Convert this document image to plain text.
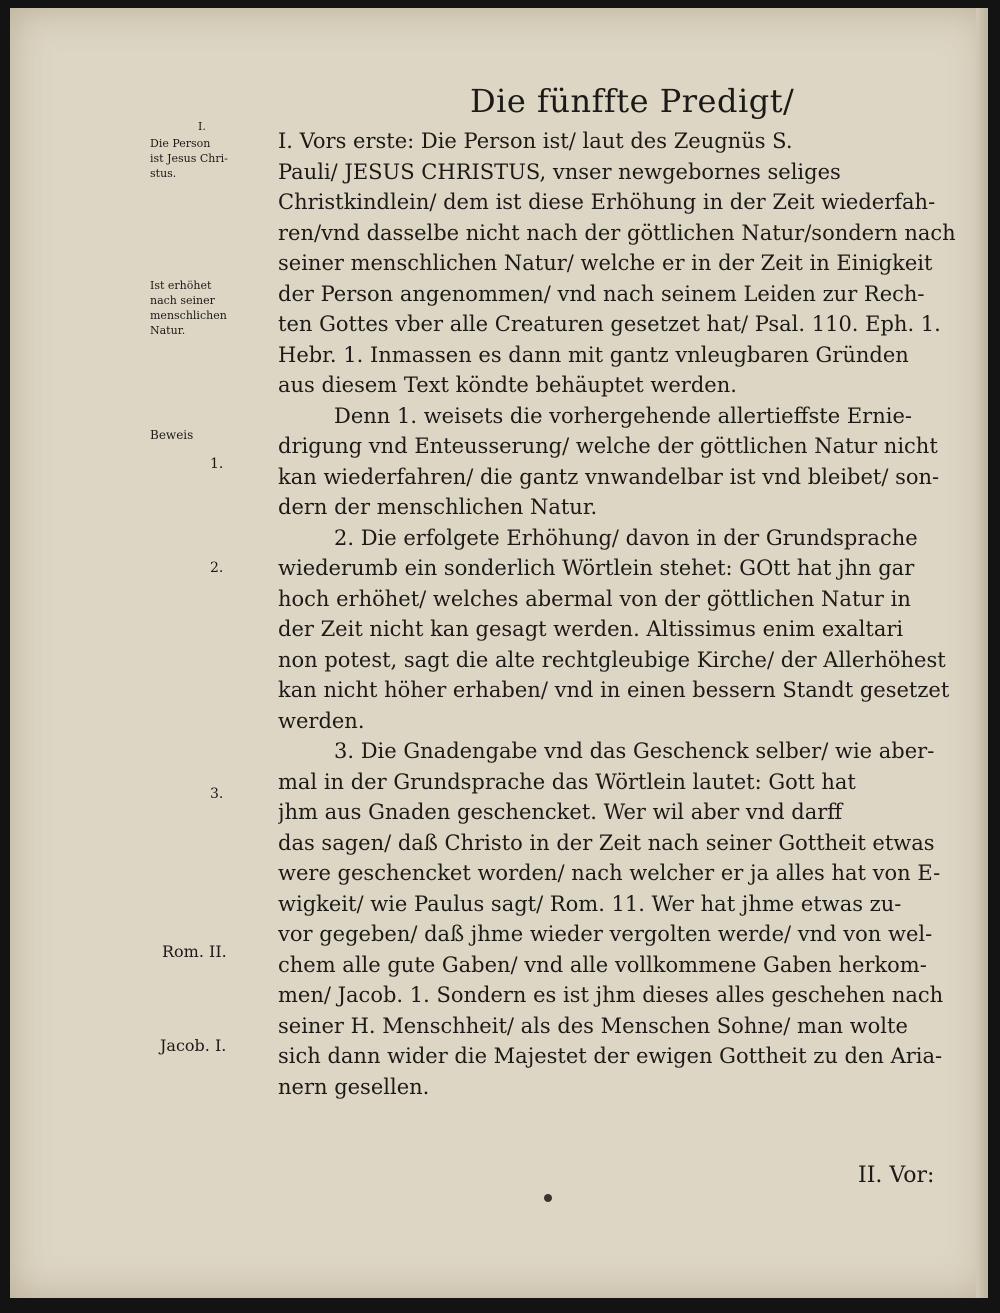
Die fünffte Predigt/
I.
Die Person
ist Jesus Chri-
stus.
Ist erhöhet
nach seiner
menschlichen
Natur.
Beweis
1.
2.
3.
Rom. II.
Jacob. I.
I. Vors erste: Die Person ist/ laut des Zeugnüs S.
Pauli/ JESUS CHRISTUS, vnser newgebornes seliges
Christkindlein/ dem ist diese Erhöhung in der Zeit wiederfah-
ren/vnd dasselbe nicht nach der göttlichen Natur/sondern nach
seiner menschlichen Natur/ welche er in der Zeit in Einigkeit
der Person angenommen/ vnd nach seinem Leiden zur Rech-
ten Gottes vber alle Creaturen gesetzet hat/ Psal. 110. Eph. 1.
Hebr. 1. Inmassen es dann mit gantz vnleugbaren Gründen
aus diesem Text köndte behäuptet werden.
Denn 1. weisets die vorhergehende allertieffste Ernie-
drigung vnd Enteusserung/ welche der göttlichen Natur nicht
kan wiederfahren/ die gantz vnwandelbar ist vnd bleibet/ son-
dern der menschlichen Natur.
2. Die erfolgete Erhöhung/ davon in der Grundsprache
wiederumb ein sonderlich Wörtlein stehet: GOtt hat jhn gar
hoch erhöhet/ welches abermal von der göttlichen Natur in
der Zeit nicht kan gesagt werden. Altissimus enim exaltari
non potest, sagt die alte rechtgleubige Kirche/ der Allerhöhest
kan nicht höher erhaben/ vnd in einen bessern Standt gesetzet
werden.
3. Die Gnadengabe vnd das Geschenck selber/ wie aber-
mal in der Grundsprache das Wörtlein lautet: Gott hat
jhm aus Gnaden geschencket. Wer wil aber vnd darff
das sagen/ daß Christo in der Zeit nach seiner Gottheit etwas
were geschencket worden/ nach welcher er ja alles hat von E-
wigkeit/ wie Paulus sagt/ Rom. 11. Wer hat jhme etwas zu-
vor gegeben/ daß jhme wieder vergolten werde/ vnd von wel-
chem alle gute Gaben/ vnd alle vollkommene Gaben herkom-
men/ Jacob. 1. Sondern es ist jhm dieses alles geschehen nach
seiner H. Menschheit/ als des Menschen Sohne/ man wolte
sich dann wider die Majestet der ewigen Gottheit zu den Aria-
nern gesellen.
II. Vor:
